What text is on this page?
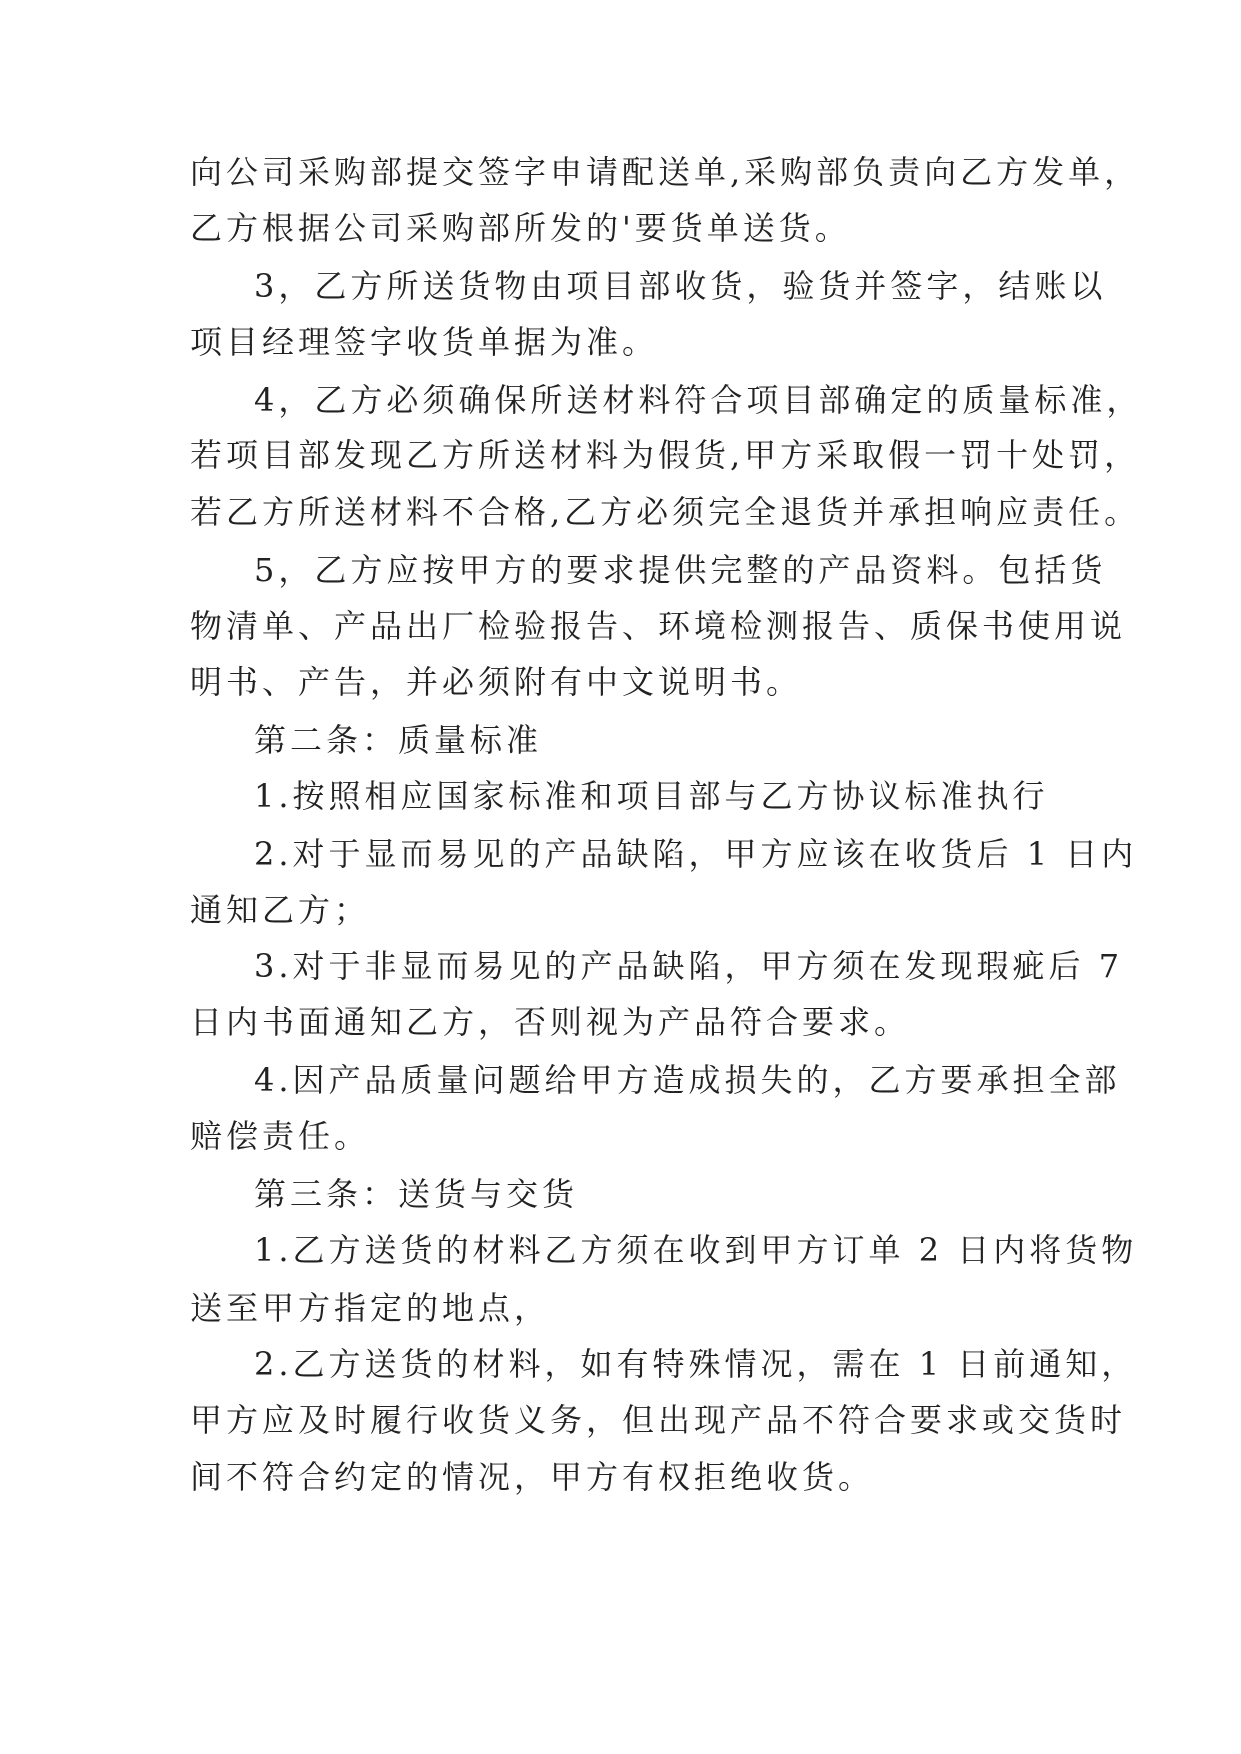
向公司采购部提交签字申请配送单,采购部负责向乙方发单，
乙方根据公司采购部所发的'要货单送货。
3，乙方所送货物由项目部收货，验货并签字，结账以
项目经理签字收货单据为准。
4，乙方必须确保所送材料符合项目部确定的质量标准，
若项目部发现乙方所送材料为假货,甲方采取假一罚十处罚，
若乙方所送材料不合格,乙方必须完全退货并承担响应责任。
5，乙方应按甲方的要求提供完整的产品资料。包括货
物清单、产品出厂检验报告、环境检测报告、质保书使用说
明书、产告，并必须附有中文说明书。
第二条：质量标准
1.按照相应国家标准和项目部与乙方协议标准执行
2.对于显而易见的产品缺陷，甲方应该在收货后 1 日内
通知乙方；
3.对于非显而易见的产品缺陷，甲方须在发现瑕疵后 7
日内书面通知乙方，否则视为产品符合要求。
4.因产品质量问题给甲方造成损失的，乙方要承担全部
赔偿责任。
第三条：送货与交货
1.乙方送货的材料乙方须在收到甲方订单 2 日内将货物
送至甲方指定的地点，
2.乙方送货的材料，如有特殊情况，需在 1 日前通知，
甲方应及时履行收货义务，但出现产品不符合要求或交货时
间不符合约定的情况，甲方有权拒绝收货。
